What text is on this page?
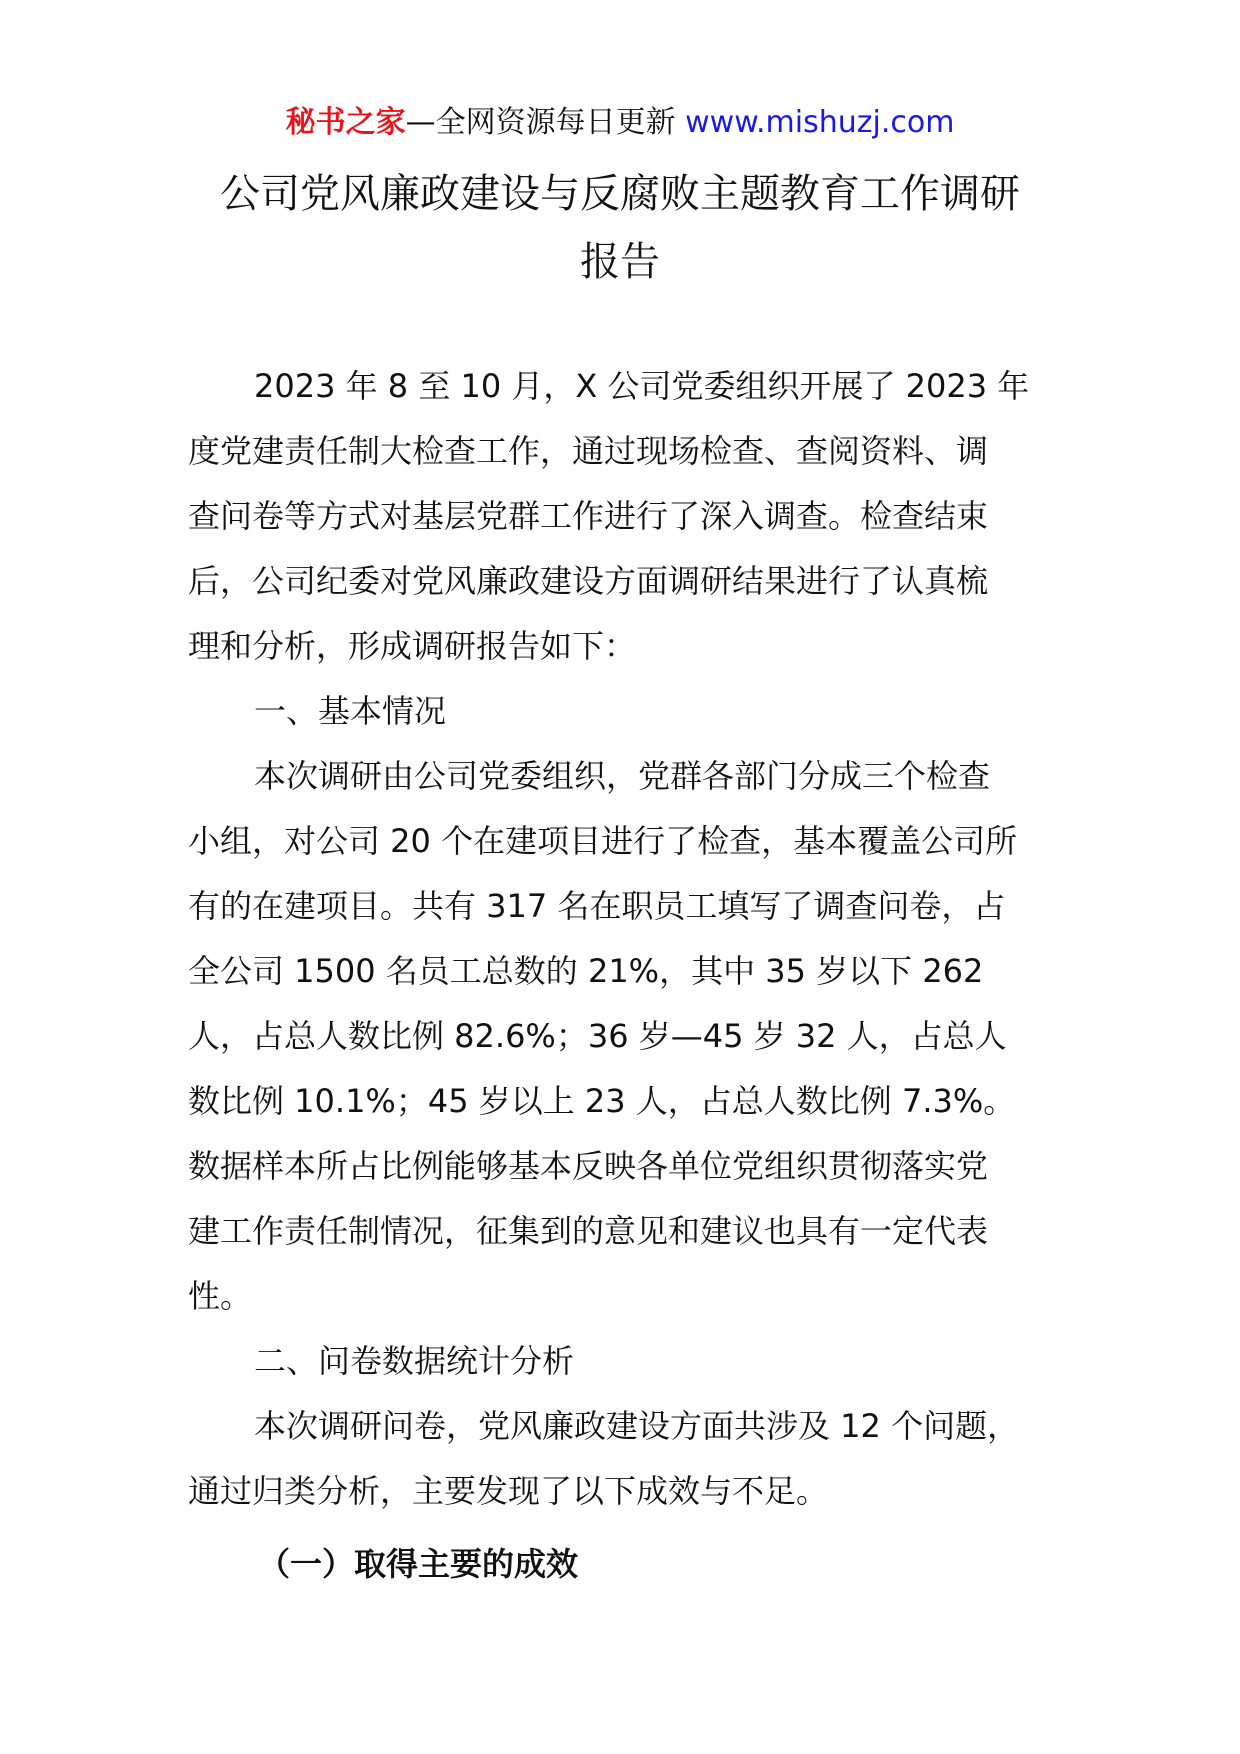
秘书之家—全网资源每日更新 www.mishuzj.com
公司党风廉政建设与反腐败主题教育工作调研
报告
2023 年 8 至 10 月，X 公司党委组织开展了 2023 年
度党建责任制大检查工作，通过现场检查、查阅资料、调
查问卷等方式对基层党群工作进行了深入调查。检查结束
后，公司纪委对党风廉政建设方面调研结果进行了认真梳
理和分析，形成调研报告如下：
一、基本情况
本次调研由公司党委组织，党群各部门分成三个检查
小组，对公司 20 个在建项目进行了检查，基本覆盖公司所
有的在建项目。共有 317 名在职员工填写了调查问卷，占
全公司 1500 名员工总数的 21%，其中 35 岁以下 262
人，占总人数比例 82.6%；36 岁—45 岁 32 人，占总人
数比例 10.1%；45 岁以上 23 人，占总人数比例 7.3%。
数据样本所占比例能够基本反映各单位党组织贯彻落实党
建工作责任制情况，征集到的意见和建议也具有一定代表
性。
二、问卷数据统计分析
本次调研问卷，党风廉政建设方面共涉及 12 个问题，
通过归类分析，主要发现了以下成效与不足。
（一）取得主要的成效
